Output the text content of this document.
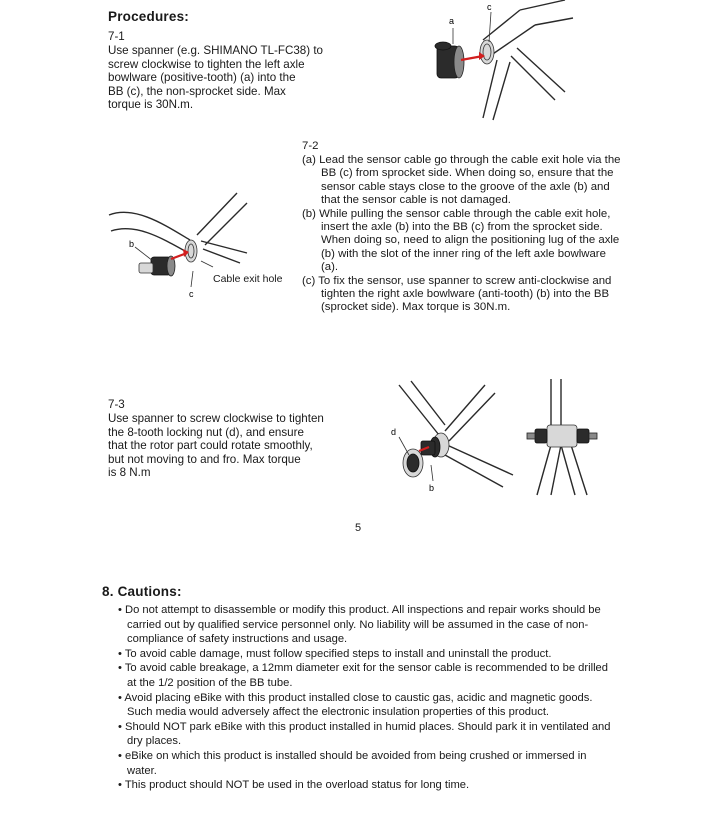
Procedures:
7-1
Use spanner (e.g. SHIMANO TL-FC38) to
screw clockwise to tighten the left axle
bowlware (positive-tooth) (a) into the
BB (c), the non-sprocket side. Max
torque is 30N.m.
a
c
b
c
Cable exit hole
7-2
(a) Lead the sensor cable go through the cable exit hole via the BB (c) from sprocket side. When doing so, ensure that the sensor cable stays close to the groove of the axle (b) and that the sensor cable is not damaged.
(b) While pulling the sensor cable through the cable exit hole, insert the axle (b) into the BB (c) from the sprocket side. When doing so, need to align the positioning lug of the axle (b) with the slot of the inner ring of the left axle bowlware (a).
(c) To fix the sensor, use spanner to screw anti-clockwise and tighten the right axle bowlware (anti-tooth) (b) into the BB (sprocket side). Max torque is 30N.m.
7-3
Use spanner to screw clockwise to tighten
the 8-tooth locking nut (d), and ensure
that the rotor part could rotate smoothly,
but not moving to and fro. Max torque
is 8 N.m
d
b
5
8. Cautions:
• Do not attempt to disassemble or modify this product. All inspections and repair works should be carried out by qualified service personnel only. No liability will be assumed in the case of non-compliance of safety instructions and usage.
• To avoid cable damage, must follow specified steps to install and uninstall the product.
• To avoid cable breakage, a 12mm diameter exit for the sensor cable is recommended to be drilled at the 1/2 position of the BB tube.
• Avoid placing eBike with this product installed close to caustic gas, acidic and magnetic goods. Such media would adversely affect the electronic insulation properties of this product.
• Should NOT park eBike with this product installed in humid places. Should park it in ventilated and dry places.
• eBike on which this product is installed should be avoided from being crushed or immersed in water.
• This product should NOT be used in the overload status for long time.
